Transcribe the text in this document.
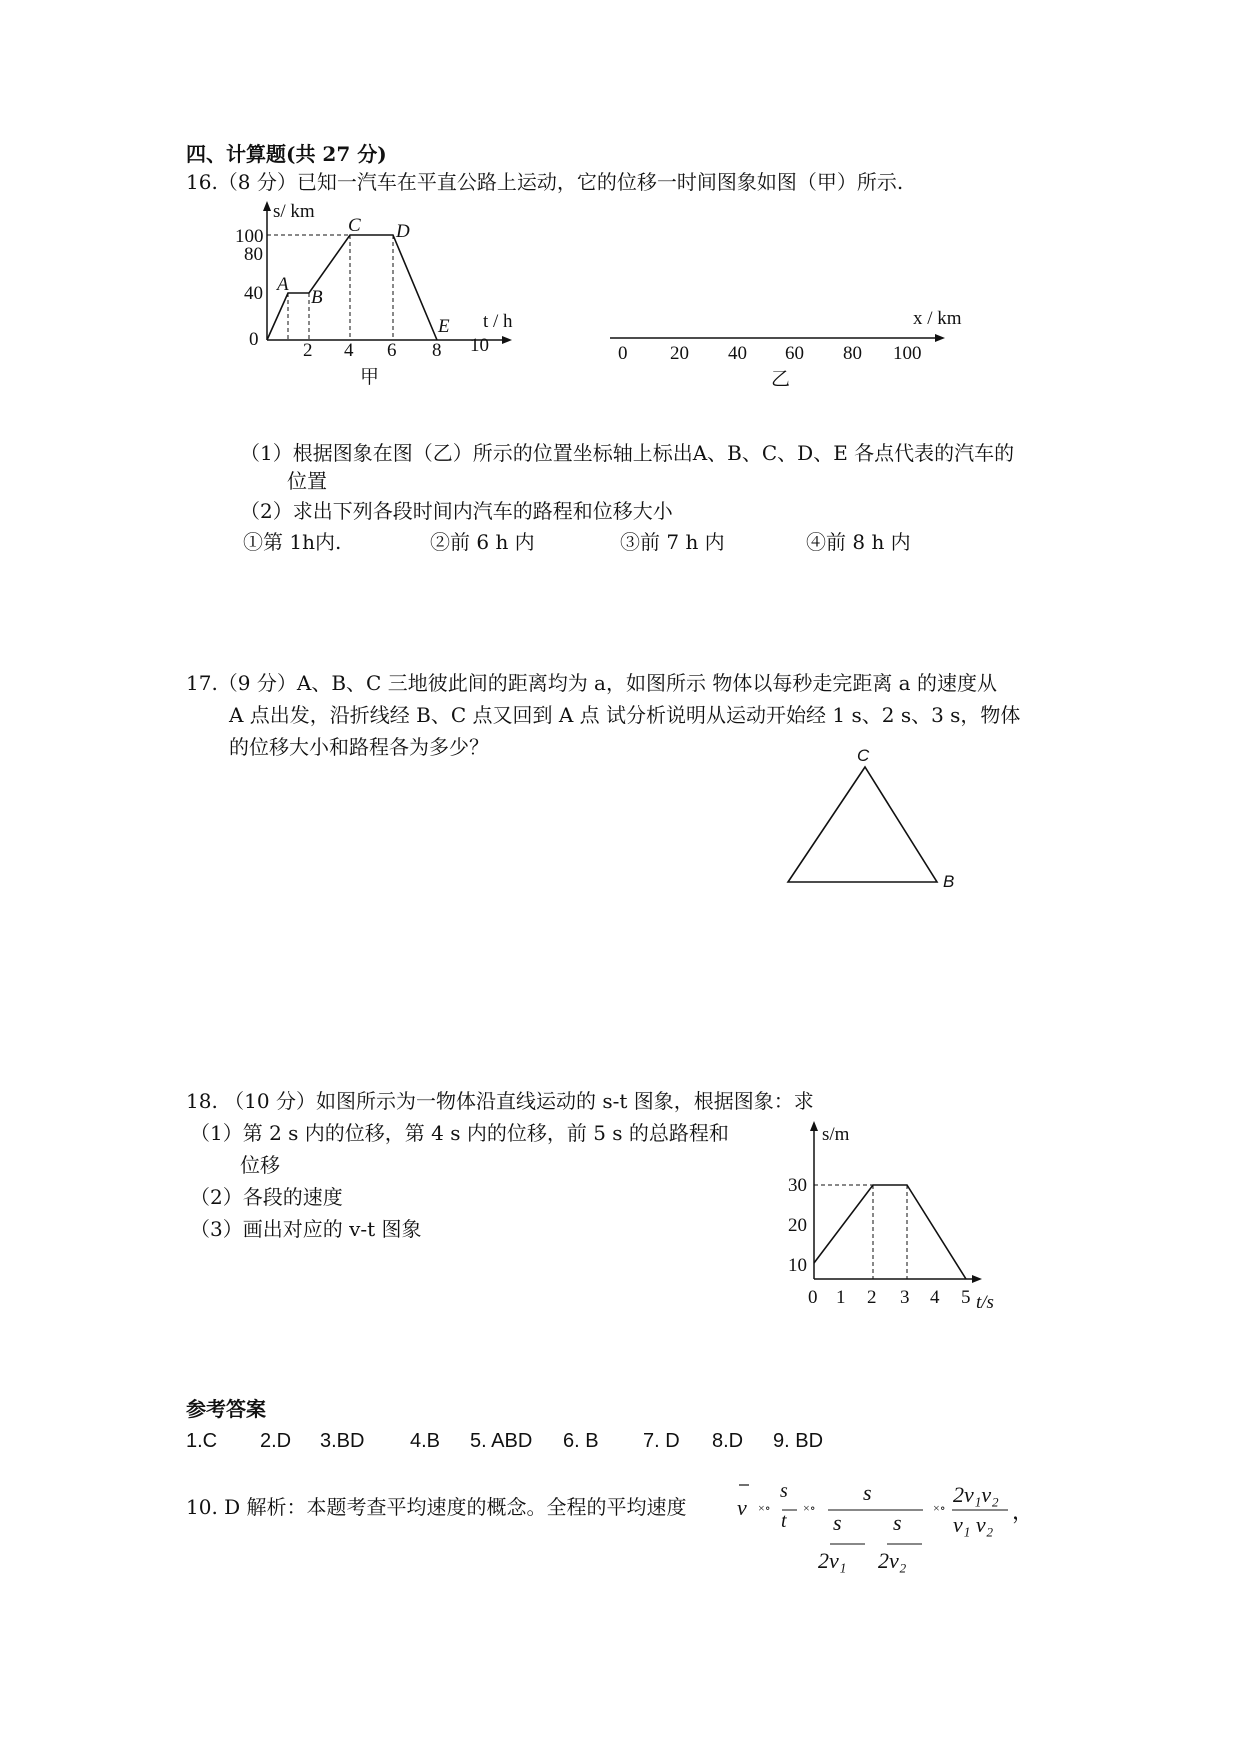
四、计算题(共 27 分)
16.（8 分）已知一汽车在平直公路上运动，它的位移一时间图象如图（甲）所示.
s/ km
t / h
100
80
40
0
2 4 6 8 10
A
B
C D
E
甲
x / km
0 20 40 60 80 100
乙
（1）根据图象在图（乙）所示的位置坐标轴上标出A、B、C、D、E 各点代表的汽车的
位置
（2）求出下列各段时间内汽车的路程和位移大小
①第 1h内.	②前 6 h 内	③前 7 h 内	④前 8 h 内
17.（9 分）A、B、C 三地彼此间的距离均为 a，如图所示 物体以每秒走完距离 a 的速度从
A 点出发，沿折线经 B、C 点又回到 A 点 试分析说明从运动开始经 1 s、2 s、3 s，物体
的位移大小和路程各为多少？	C
B
18. （10 分）如图所示为一物体沿直线运动的 s-t 图象，根据图象：求
（1）第 2 s 内的位移，第 4 s 内的位移，前 5 s 的总路程和
位移
（2）各段的速度
（3）画出对应的 v-t 图象
s/m
t/s
30
20
10
0 1 2 3 4 5
参考答案
1.C 2.D 3.BD 4.B 5. ABD 6. B 7. D 8.D 9. BD
10. D 解析：本题考查平均速度的概念。全程的平均速度	×∘	×∘	×∘
v
s
t
s
s s
2v₁ 2v₂
2v₁v₂
v₁ v₂
，
